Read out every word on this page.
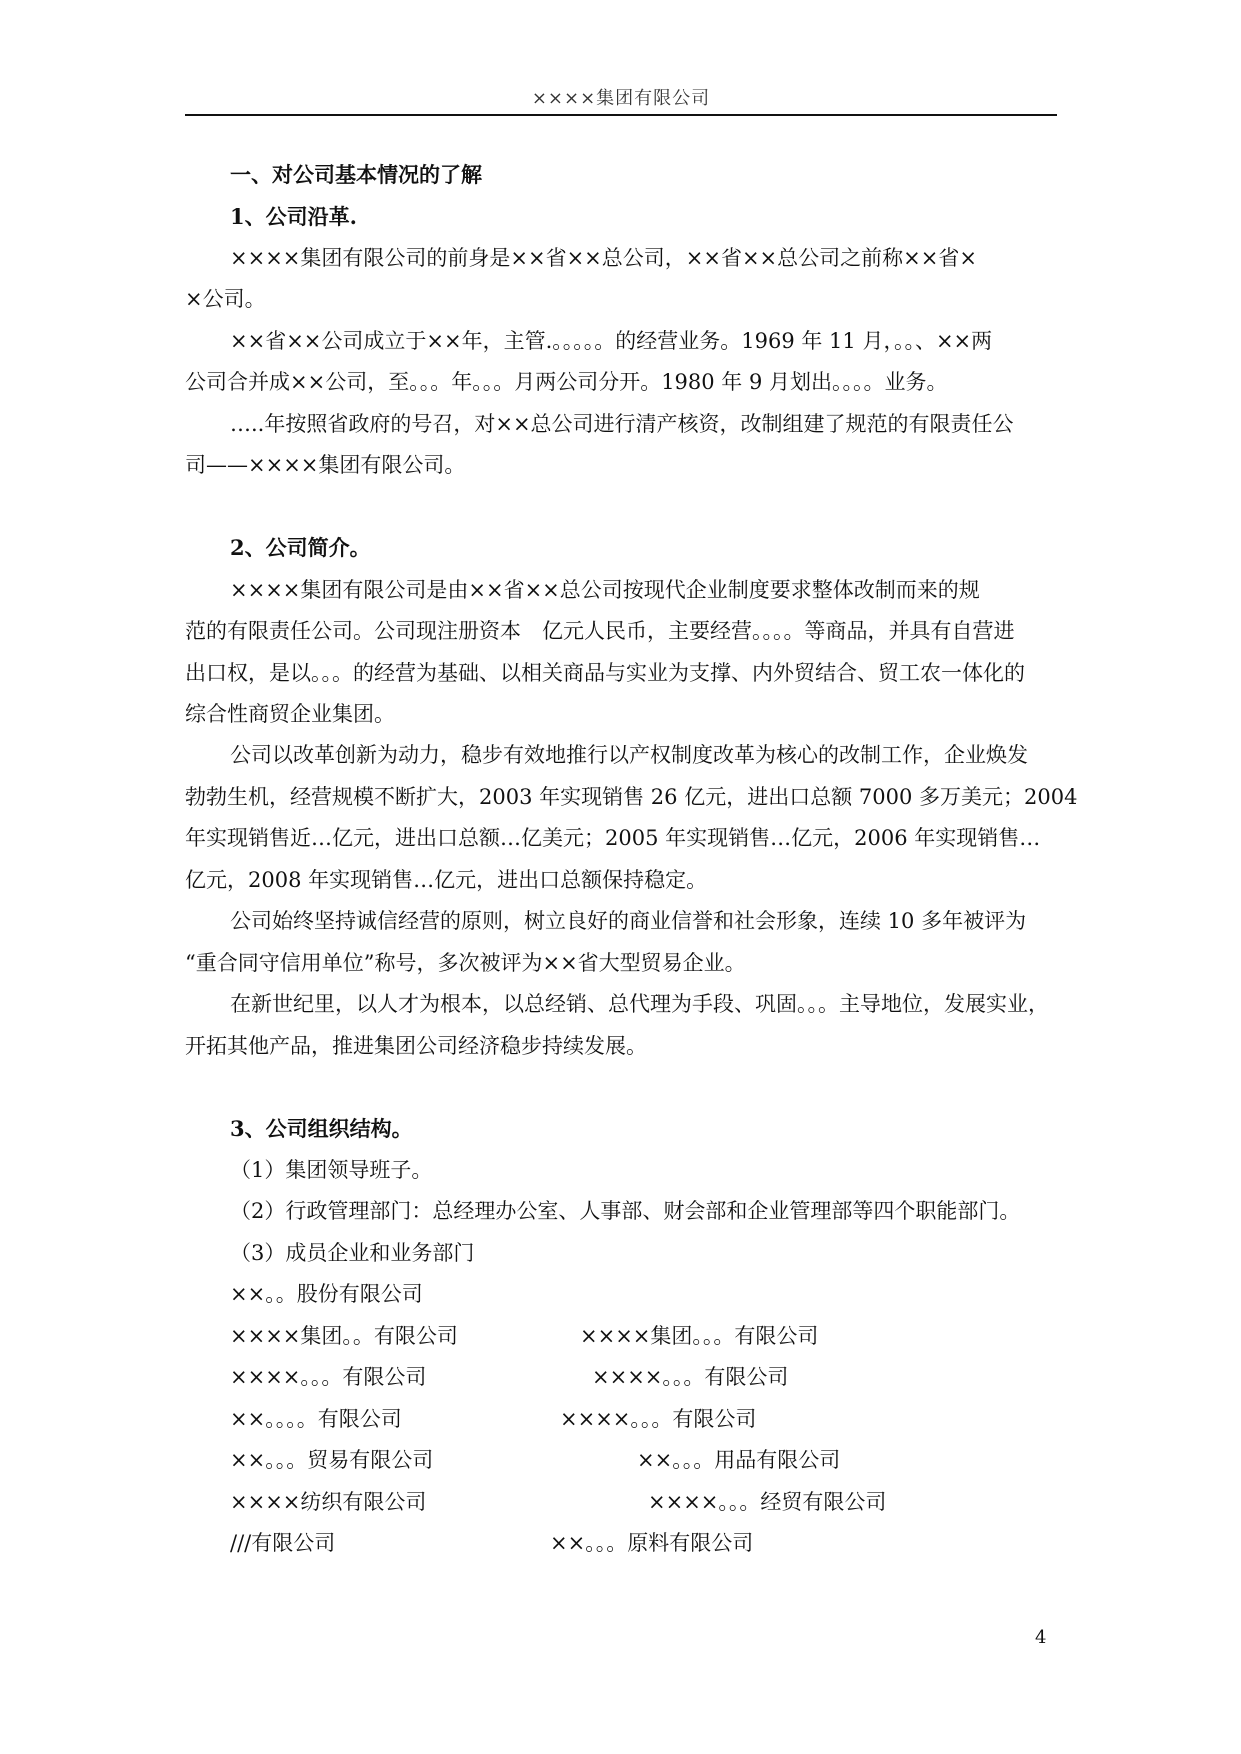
××××集团有限公司
一、对公司基本情况的了解
1、公司沿革.
××××集团有限公司的前身是××省××总公司，××省××总公司之前称××省×
×公司。
××省××公司成立于××年，主管.。。。。。的经营业务。1969 年 11 月，。。、××两
公司合并成××公司，至。。。年。。。月两公司分开。1980 年 9 月划出。。。。业务。
…..年按照省政府的号召，对××总公司进行清产核资，改制组建了规范的有限责任公
司——××××集团有限公司。
2、公司简介。
××××集团有限公司是由××省××总公司按现代企业制度要求整体改制而来的规
范的有限责任公司。公司现注册资本　亿元人民币，主要经营。。。。等商品，并具有自营进
出口权，是以。。。的经营为基础、以相关商品与实业为支撑、内外贸结合、贸工农一体化的
综合性商贸企业集团。
公司以改革创新为动力，稳步有效地推行以产权制度改革为核心的改制工作，企业焕发
勃勃生机，经营规模不断扩大，2003 年实现销售 26 亿元，进出口总额 7000 多万美元；2004
年实现销售近…亿元，进出口总额…亿美元；2005 年实现销售…亿元，2006 年实现销售…
亿元，2008 年实现销售…亿元，进出口总额保持稳定。
公司始终坚持诚信经营的原则，树立良好的商业信誉和社会形象，连续 10 多年被评为
“重合同守信用单位”称号，多次被评为××省大型贸易企业。
在新世纪里，以人才为根本，以总经销、总代理为手段、巩固。。。主导地位，发展实业，
开拓其他产品，推进集团公司经济稳步持续发展。
3、公司组织结构。
（1）集团领导班子。
（2）行政管理部门：总经理办公室、人事部、财会部和企业管理部等四个职能部门。
（3）成员企业和业务部门
××。。股份有限公司
××××集团。。有限公司	××××集团。。。有限公司
××××。。。有限公司	××××。。。有限公司
××。。。。有限公司	××××。。。有限公司
××。。。贸易有限公司	××。。。用品有限公司
××××纺织有限公司	××××。。。经贸有限公司
///有限公司	××。。。原料有限公司
4
